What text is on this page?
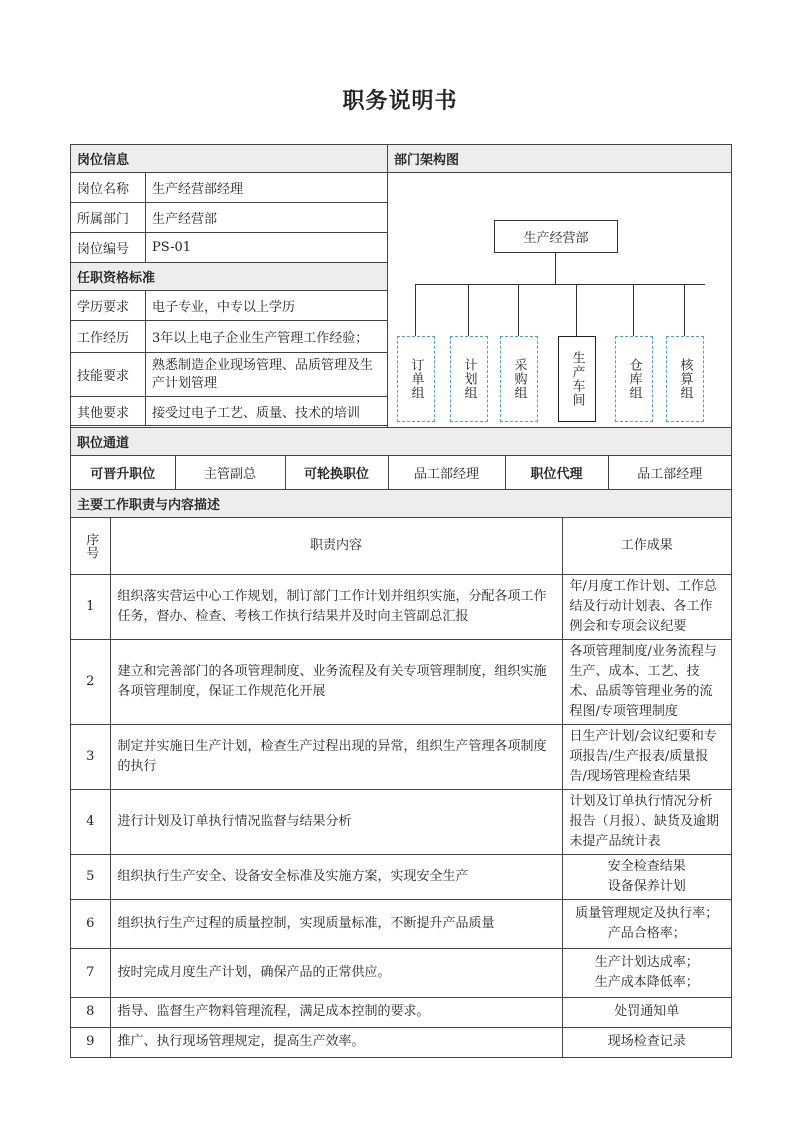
职务说明书
岗位信息	部门架构图
岗位名称	生产经营部经理	
生产经营部
订单组	计划组	采购组	生产车间	仓库组	核算组

所属部门	生产经营部
岗位编号	PS-01
任职资格标准
学历要求	电子专业，中专以上学历
工作经历	3年以上电子企业生产管理工作经验；
技能要求	熟悉制造企业现场管理、品质管理及生产计划管理
其他要求	接受过电子工艺、质量、技术的培训

职位通道

可晋升职位	主管副总	可轮换职位	品工部经理	职位代理	品工部经理

主要工作职责与内容描述

序号	职责内容	工作成果
1	组织落实营运中心工作规划，制订部门工作计划并组织实施，分配各项工作任务，督办、检查、考核工作执行结果并及时向主管副总汇报	年/月度工作计划、工作总结及行动计划表、各工作例会和专项会议纪要
2	建立和完善部门的各项管理制度、业务流程及有关专项管理制度，组织实施各项管理制度，保证工作规范化开展	各项管理制度/业务流程与生产、成本、工艺、技术、品质等管理业务的流程图/专项管理制度
3	制定并实施日生产计划，检查生产过程出现的异常，组织生产管理各项制度的执行	日生产计划/会议纪要和专项报告/生产报表/质量报告/现场管理检查结果
4	进行计划及订单执行情况监督与结果分析	计划及订单执行情况分析报告（月报）、缺货及逾期未提产品统计表
5	组织执行生产安全、设备安全标准及实施方案，实现安全生产	安全检查结果
设备保养计划
6	组织执行生产过程的质量控制，实现质量标准，不断提升产品质量	质量管理规定及执行率；
产品合格率；
7	按时完成月度生产计划，确保产品的正常供应。	生产计划达成率；
生产成本降低率；
8	指导、监督生产物料管理流程，满足成本控制的要求。	处罚通知单
9	推广、执行现场管理规定，提高生产效率。	现场检查记录
